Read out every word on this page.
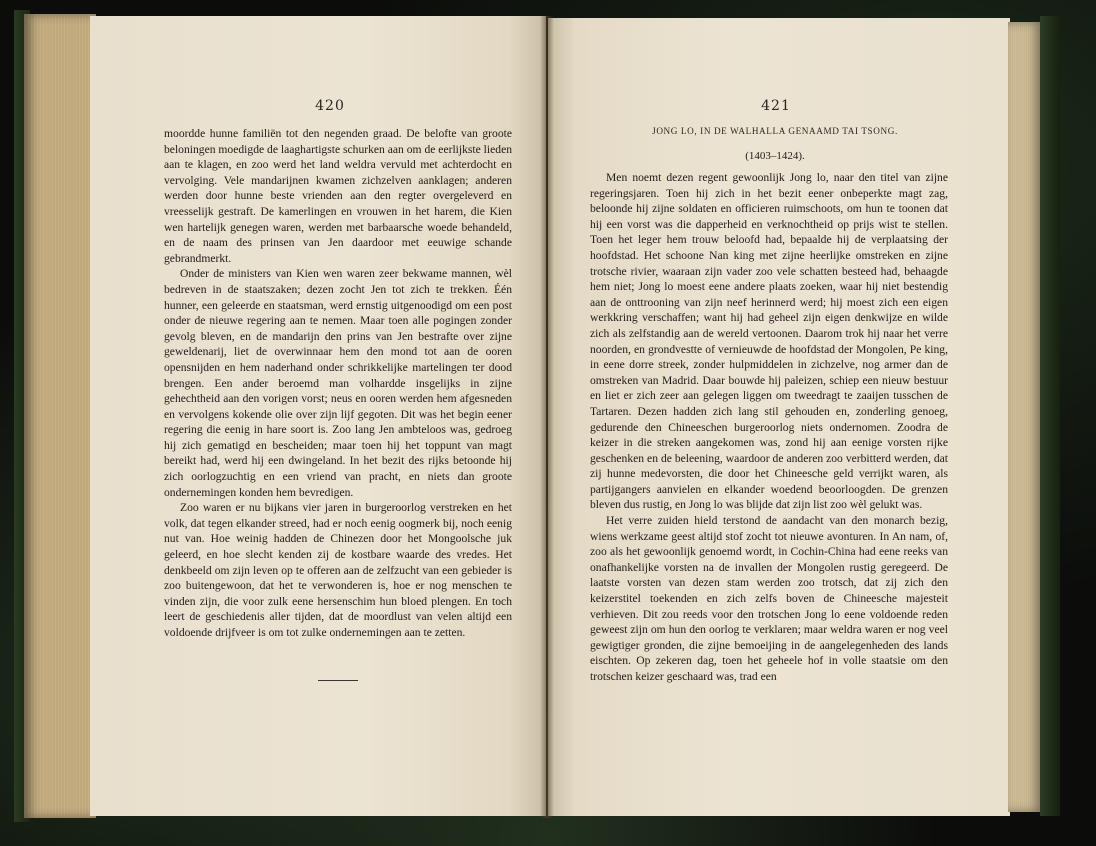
420

moordde hunne familiën tot den negenden graad. De belofte van groote beloningen moedigde de laaghartigste schurken aan om de eerlijkste lieden aan te klagen, en zoo werd het land weldra vervuld met achterdocht en vervolging. Vele mandarijnen kwamen zichzelven aanklagen; anderen werden door hunne beste vrienden aan den regter overgeleverd en vreesselijk gestraft. De kamerlingen en vrouwen in het harem, die Kien wen hartelijk genegen waren, werden met barbaarsche woede behandeld, en de naam des prinsen van Jen daardoor met eeuwige schande gebrandmerkt.

Onder de ministers van Kien wen waren zeer bekwame mannen, wèl bedreven in de staatszaken; dezen zocht Jen tot zich te trekken. Één hunner, een geleerde en staatsman, werd ernstig uitgenoodigd om een post onder de nieuwe regering aan te nemen. Maar toen alle pogingen zonder gevolg bleven, en de mandarijn den prins van Jen bestrafte over zijne geweldenarij, liet de overwinnaar hem den mond tot aan de ooren opensnijden en hem naderhand onder schrikkelijke martelingen ter dood brengen. Een ander beroemd man volhardde insgelijks in zijne gehechtheid aan den vorigen vorst; neus en ooren werden hem afgesneden en vervolgens kokende olie over zijn lijf gegoten. Dit was het begin eener regering die eenig in hare soort is. Zoo lang Jen ambteloos was, gedroeg hij zich gematigd en bescheiden; maar toen hij het toppunt van magt bereikt had, werd hij een dwingeland. In het bezit des rijks betoonde hij zich oorlogzuchtig en een vriend van pracht, en niets dan groote ondernemingen konden hem bevredigen.

Zoo waren er nu bijkans vier jaren in burgeroorlog verstreken en het volk, dat tegen elkander streed, had er noch eenig oogmerk bij, noch eenig nut van. Hoe weinig hadden de Chinezen door het Mongoolsche juk geleerd, en hoe slecht kenden zij de kostbare waarde des vredes. Het denkbeeld om zijn leven op te offeren aan de zelfzucht van een gebieder is zoo buitengewoon, dat het te verwonderen is, hoe er nog menschen te vinden zijn, die voor zulk eene hersenschim hun bloed plengen. En toch leert de geschiedenis aller tijden, dat de moordlust van velen altijd een voldoende drijfveer is om tot zulke ondernemingen aan te zetten.

421
JONG LO, IN DE WALHALLA GENAAMD TAI TSONG.
(1403–1424).

Men noemt dezen regent gewoonlijk Jong lo, naar den titel van zijne regeringsjaren. Toen hij zich in het bezit eener onbeperkte magt zag, beloonde hij zijne soldaten en officieren ruimschoots, om hun te toonen dat hij een vorst was die dapperheid en verknochtheid op prijs wist te stellen. Toen het leger hem trouw beloofd had, bepaalde hij de verplaatsing der hoofdstad. Het schoone Nan king met zijne heerlijke omstreken en zijne trotsche rivier, waaraan zijn vader zoo vele schatten besteed had, behaagde hem niet; Jong lo moest eene andere plaats zoeken, waar hij niet bestendig aan de onttrooning van zijn neef herinnerd werd; hij moest zich een eigen werkkring verschaffen; want hij had geheel zijn eigen denkwijze en wilde zich als zelfstandig aan de wereld vertoonen. Daarom trok hij naar het verre noorden, en grondvestte of vernieuwde de hoofdstad der Mongolen, Pe king, in eene dorre streek, zonder hulpmiddelen in zichzelve, nog armer dan de omstreken van Madrid. Daar bouwde hij paleizen, schiep een nieuw bestuur en liet er zich zeer aan gelegen liggen om tweedragt te zaaijen tusschen de Tartaren. Dezen hadden zich lang stil gehouden en, zonderling genoeg, gedurende den Chineeschen burgeroorlog niets ondernomen. Zoodra de keizer in die streken aangekomen was, zond hij aan eenige vorsten rijke geschenken en de beleening, waardoor de anderen zoo verbitterd werden, dat zij hunne medevorsten, die door het Chineesche geld verrijkt waren, als partijgangers aanvielen en elkander woedend beoorloogden. De grenzen bleven dus rustig, en Jong lo was blijde dat zijn list zoo wèl gelukt was.

Het verre zuiden hield terstond de aandacht van den monarch bezig, wiens werkzame geest altijd stof zocht tot nieuwe avonturen. In An nam, of, zoo als het gewoonlijk genoemd wordt, in Cochin-China had eene reeks van onafhankelijke vorsten na de invallen der Mongolen rustig geregeerd. De laatste vorsten van dezen stam werden zoo trotsch, dat zij zich den keizerstitel toekenden en zich zelfs boven de Chineesche majesteit verhieven. Dit zou reeds voor den trotschen Jong lo eene voldoende reden geweest zijn om hun den oorlog te verklaren; maar weldra waren er nog veel gewigtiger gronden, die zijne bemoeijing in de aangelegenheden des lands eischten. Op zekeren dag, toen het geheele hof in volle staatsie om den trotschen keizer geschaard was, trad een
